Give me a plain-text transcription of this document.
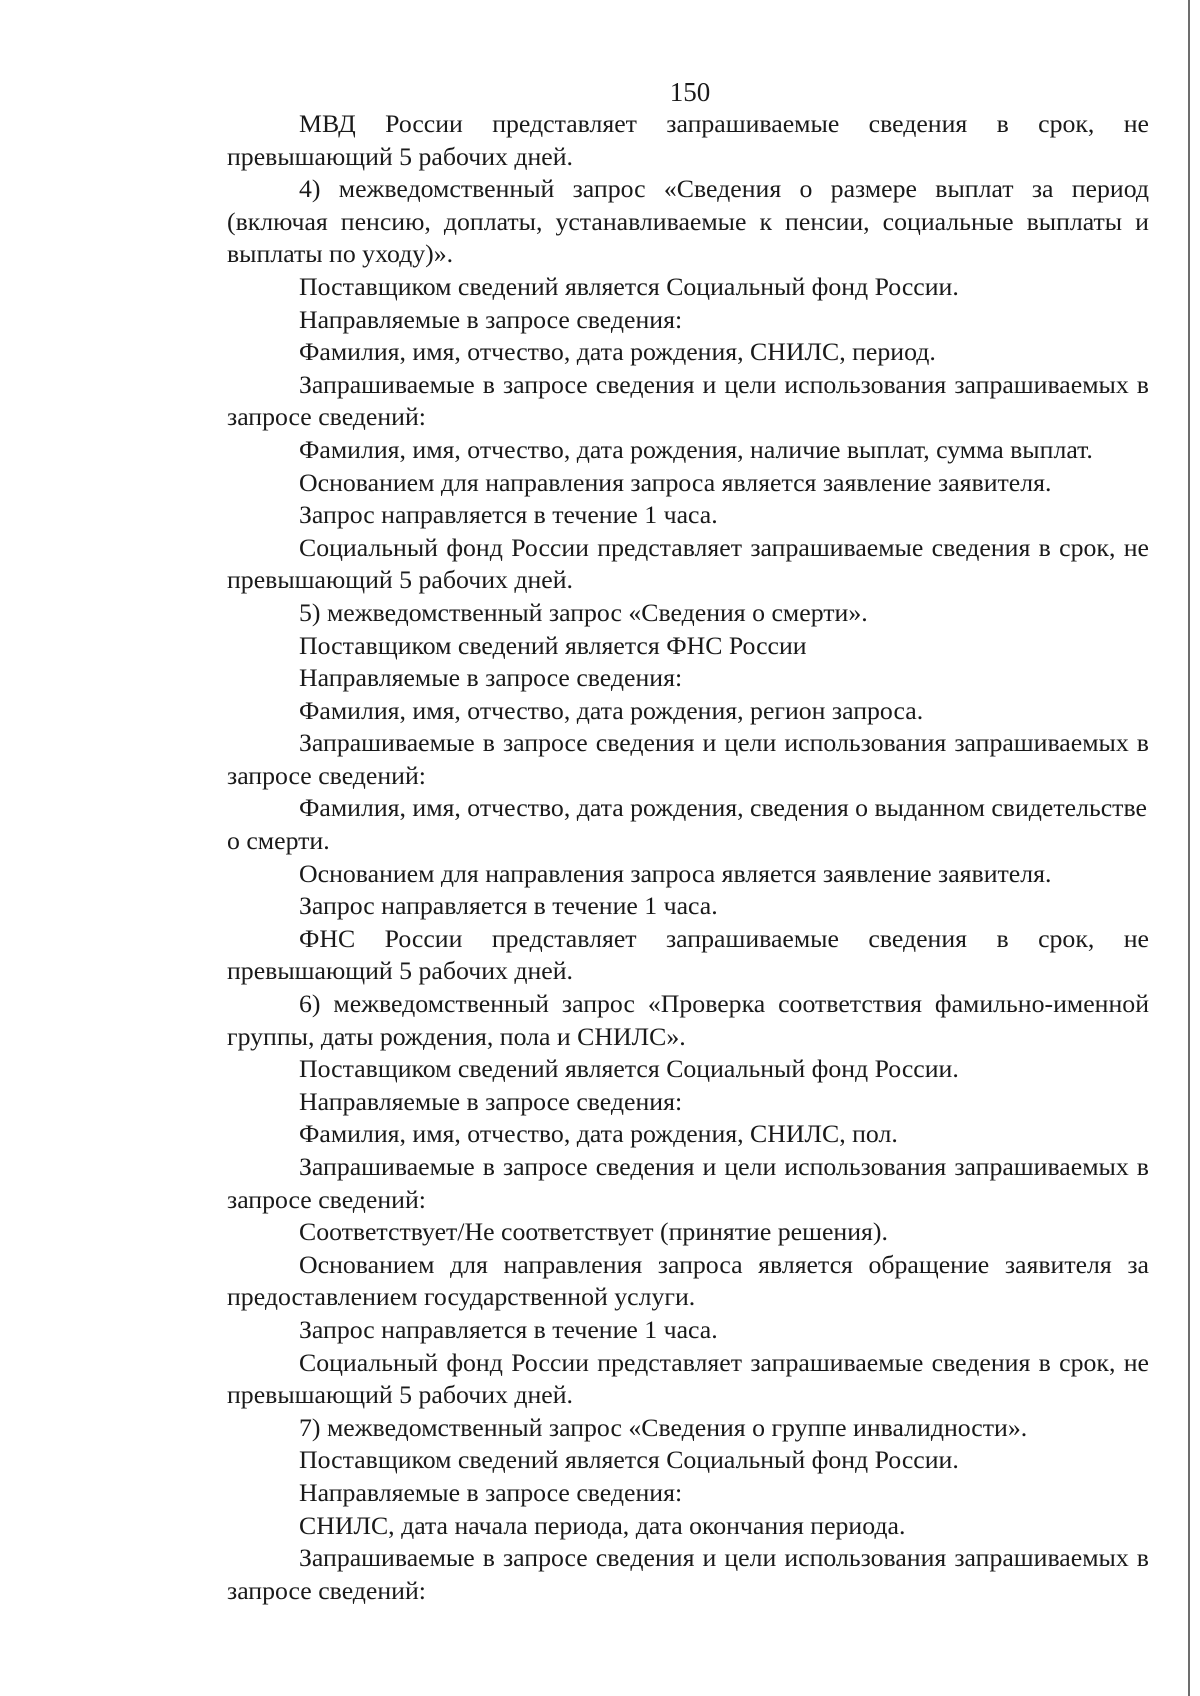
150

МВД России представляет запрашиваемые сведения в срок, не превышающий 5 рабочих дней.

4) межведомственный запрос «Сведения о размере выплат за период (включая пенсию, доплаты, устанавливаемые к пенсии, социальные выплаты и выплаты по уходу)».

Поставщиком сведений является Социальный фонд России.

Направляемые в запросе сведения:

Фамилия, имя, отчество, дата рождения, СНИЛС, период.

Запрашиваемые в запросе сведения и цели использования запрашиваемых в запросе сведений:

Фамилия, имя, отчество, дата рождения, наличие выплат, сумма выплат.

Основанием для направления запроса является заявление заявителя.

Запрос направляется в течение 1 часа.

Социальный фонд России представляет запрашиваемые сведения в срок, не превышающий 5 рабочих дней.

5) межведомственный запрос «Сведения о смерти».

Поставщиком сведений является ФНС России

Направляемые в запросе сведения:

Фамилия, имя, отчество, дата рождения, регион запроса.

Запрашиваемые в запросе сведения и цели использования запрашиваемых в запросе сведений:

Фамилия, имя, отчество, дата рождения, сведения о выданном свидетельстве о смерти.

Основанием для направления запроса является заявление заявителя.

Запрос направляется в течение 1 часа.

ФНС России представляет запрашиваемые сведения в срок, не превышающий 5 рабочих дней.

6) межведомственный запрос «Проверка соответствия фамильно-именной группы, даты рождения, пола и СНИЛС».

Поставщиком сведений является Социальный фонд России.

Направляемые в запросе сведения:

Фамилия, имя, отчество, дата рождения, СНИЛС, пол.

Запрашиваемые в запросе сведения и цели использования запрашиваемых в запросе сведений:

Соответствует/Не соответствует (принятие решения).

Основанием для направления запроса является обращение заявителя за предоставлением государственной услуги.

Запрос направляется в течение 1 часа.

Социальный фонд России представляет запрашиваемые сведения в срок, не превышающий 5 рабочих дней.

7) межведомственный запрос «Сведения о группе инвалидности».

Поставщиком сведений является Социальный фонд России.

Направляемые в запросе сведения:

СНИЛС, дата начала периода, дата окончания периода.

Запрашиваемые в запросе сведения и цели использования запрашиваемых в запросе сведений:
